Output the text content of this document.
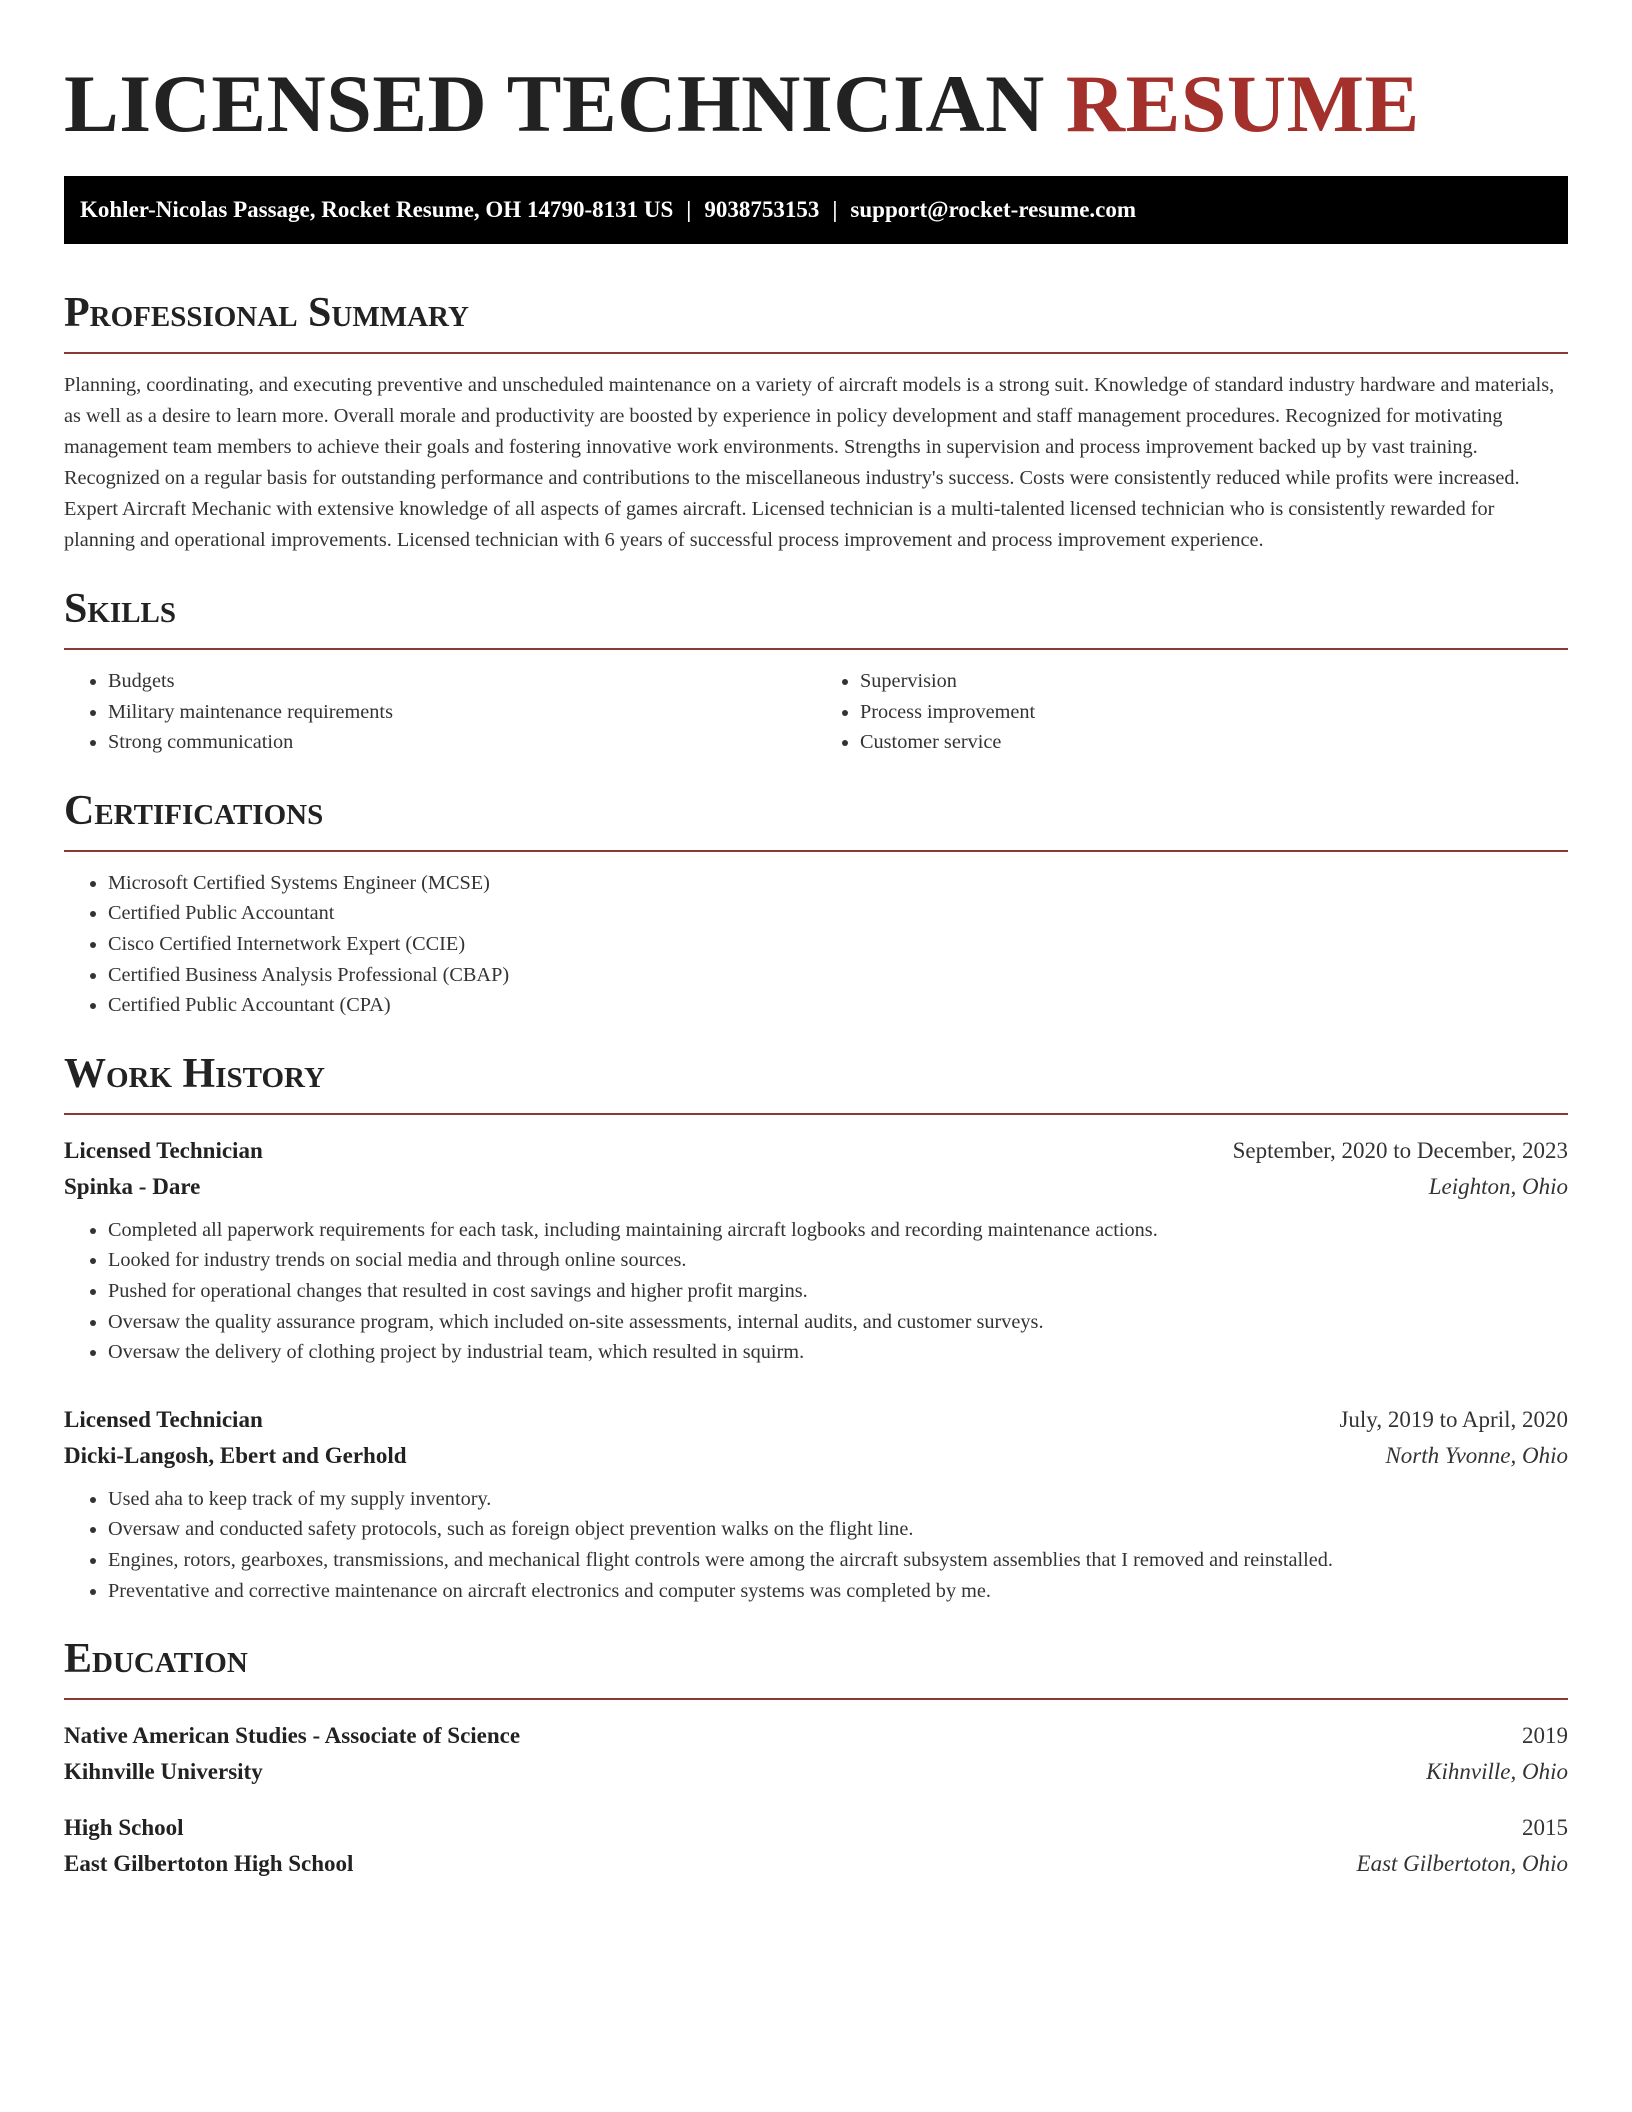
LICENSED TECHNICIAN RESUME
Kohler-Nicolas Passage, Rocket Resume, OH 14790-8131 US | 9038753153 | support@rocket-resume.com
Professional Summary

Planning, coordinating, and executing preventive and unscheduled maintenance on a variety of aircraft models is a strong suit. Knowledge of standard industry hardware and materials, as well as a desire to learn more. Overall morale and productivity are boosted by experience in policy development and staff management procedures. Recognized for motivating management team members to achieve their goals and fostering innovative work environments. Strengths in supervision and process improvement backed up by vast training. Recognized on a regular basis for outstanding performance and contributions to the miscellaneous industry's success. Costs were consistently reduced while profits were increased. Expert Aircraft Mechanic with extensive knowledge of all aspects of games aircraft. Licensed technician is a multi-talented licensed technician who is consistently rewarded for planning and operational improvements. Licensed technician with 6 years of successful process improvement and process improvement experience.

Skills
• Budgets
• Military maintenance requirements
• Strong communication
• Supervision
• Process improvement
• Customer service
Certifications
• Microsoft Certified Systems Engineer (MCSE)
• Certified Public Accountant
• Cisco Certified Internetwork Expert (CCIE)
• Certified Business Analysis Professional (CBAP)
• Certified Public Accountant (CPA)
Work History
Licensed Technician	September, 2020 to December, 2023
Spinka - Dare	Leighton, Ohio
• Completed all paperwork requirements for each task, including maintaining aircraft logbooks and recording maintenance actions.
• Looked for industry trends on social media and through online sources.
• Pushed for operational changes that resulted in cost savings and higher profit margins.
• Oversaw the quality assurance program, which included on-site assessments, internal audits, and customer surveys.
• Oversaw the delivery of clothing project by industrial team, which resulted in squirm.
Licensed Technician	July, 2019 to April, 2020
Dicki-Langosh, Ebert and Gerhold	North Yvonne, Ohio
• Used aha to keep track of my supply inventory.
• Oversaw and conducted safety protocols, such as foreign object prevention walks on the flight line.
• Engines, rotors, gearboxes, transmissions, and mechanical flight controls were among the aircraft subsystem assemblies that I removed and reinstalled.
• Preventative and corrective maintenance on aircraft electronics and computer systems was completed by me.
Education
Native American Studies - Associate of Science	2019
Kihnville University	Kihnville, Ohio
High School	2015
East Gilbertoton High School	East Gilbertoton, Ohio
